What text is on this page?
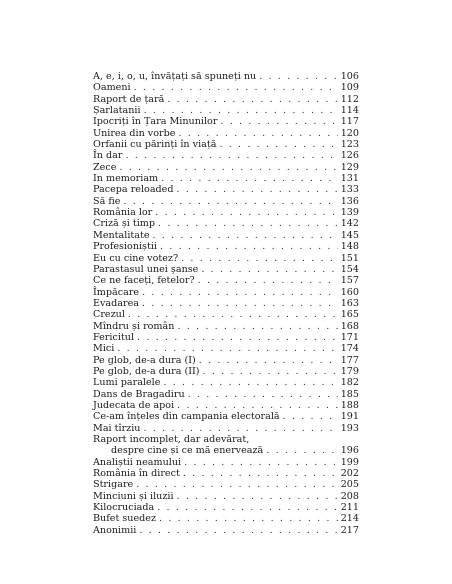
A, e, i, o, u, învățați să spuneți nu . . .	106
Oameni . . .	109
Raport de țară . . .	112
Șarlatanii . . .	114
Ipocriți în Țara Minunilor . . .	117
Unirea din vorbe . . .	120
Orfanii cu părinți în viață . . .	123
În dar . . .	126
Zece . . .	129
In memoriam . . .	131
Pacepa reloaded . . .	133
Să fie . . .	136
România lor . . .	139
Criză și timp . . .	142
Mentalitate . . .	145
Profesioniștii . . .	148
Eu cu cine votez? . . .	151
Parastasul unei șanse . . .	154
Ce ne faceți, fetelor? . . .	157
Împăcare . . .	160
Evadarea . . .	163
Crezul . . .	165
Mîndru și român . . .	168
Fericitul . . .	171
Mici . . .	174
Pe glob, de-a dura (I) . . .	177
Pe glob, de-a dura (II) . . .	179
Lumi paralele . . .	182
Dans de Bragadiru . . .	185
Judecata de apoi . . .	188
Ce-am înțeles din campania electorală . . .	191
Mai tîrziu . . .	193
Raport incomplet, dar adevărat,
despre cine și ce mă enervează . . .	196
Analiștii neamului . . .	199
România în direct . . .	202
Strigare . . .	205
Minciuni și iluzii . . .	208
Kilocruciada . . .	211
Bufet suedez . . .	214
Anonimii . . .	217
